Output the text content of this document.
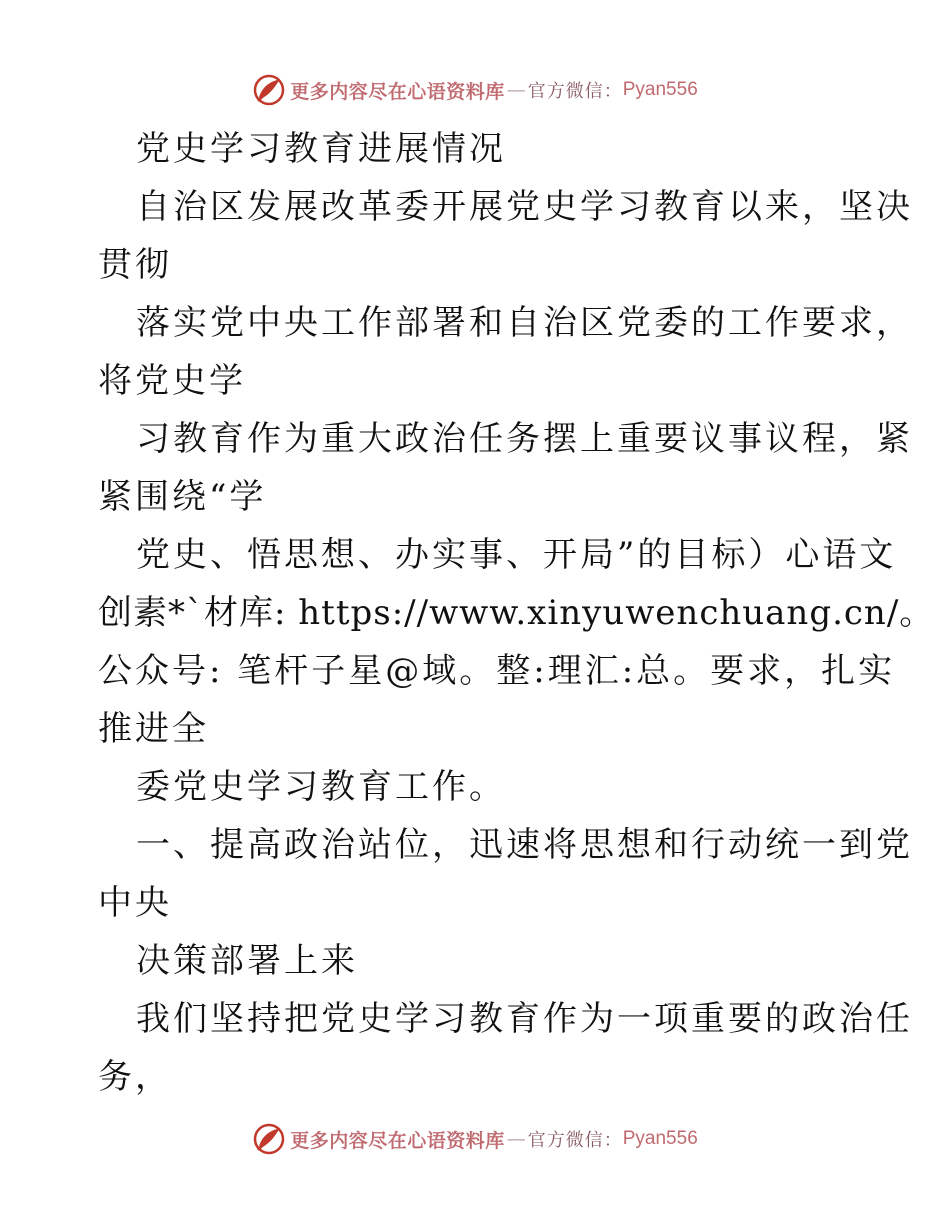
更多内容尽在心语资料库 — 官方微信： Pyan556
党史学习教育进展情况
自治区发展改革委开展党史学习教育以来，坚决
贯彻
落实党中央工作部署和自治区党委的工作要求，
将党史学
习教育作为重大政治任务摆上重要议事议程，紧
紧围绕“学
党史、悟思想、办实事、开局”的目标）心语文
创素*`材库: https://www.xinyuwenchuang.cn/。
公众号: 笔杆子星@域。整:理汇:总。要求，扎实
推进全
委党史学习教育工作。
一、提高政治站位，迅速将思想和行动统一到党
中央
决策部署上来
我们坚持把党史学习教育作为一项重要的政治任
务，
更多内容尽在心语资料库 — 官方微信： Pyan556
